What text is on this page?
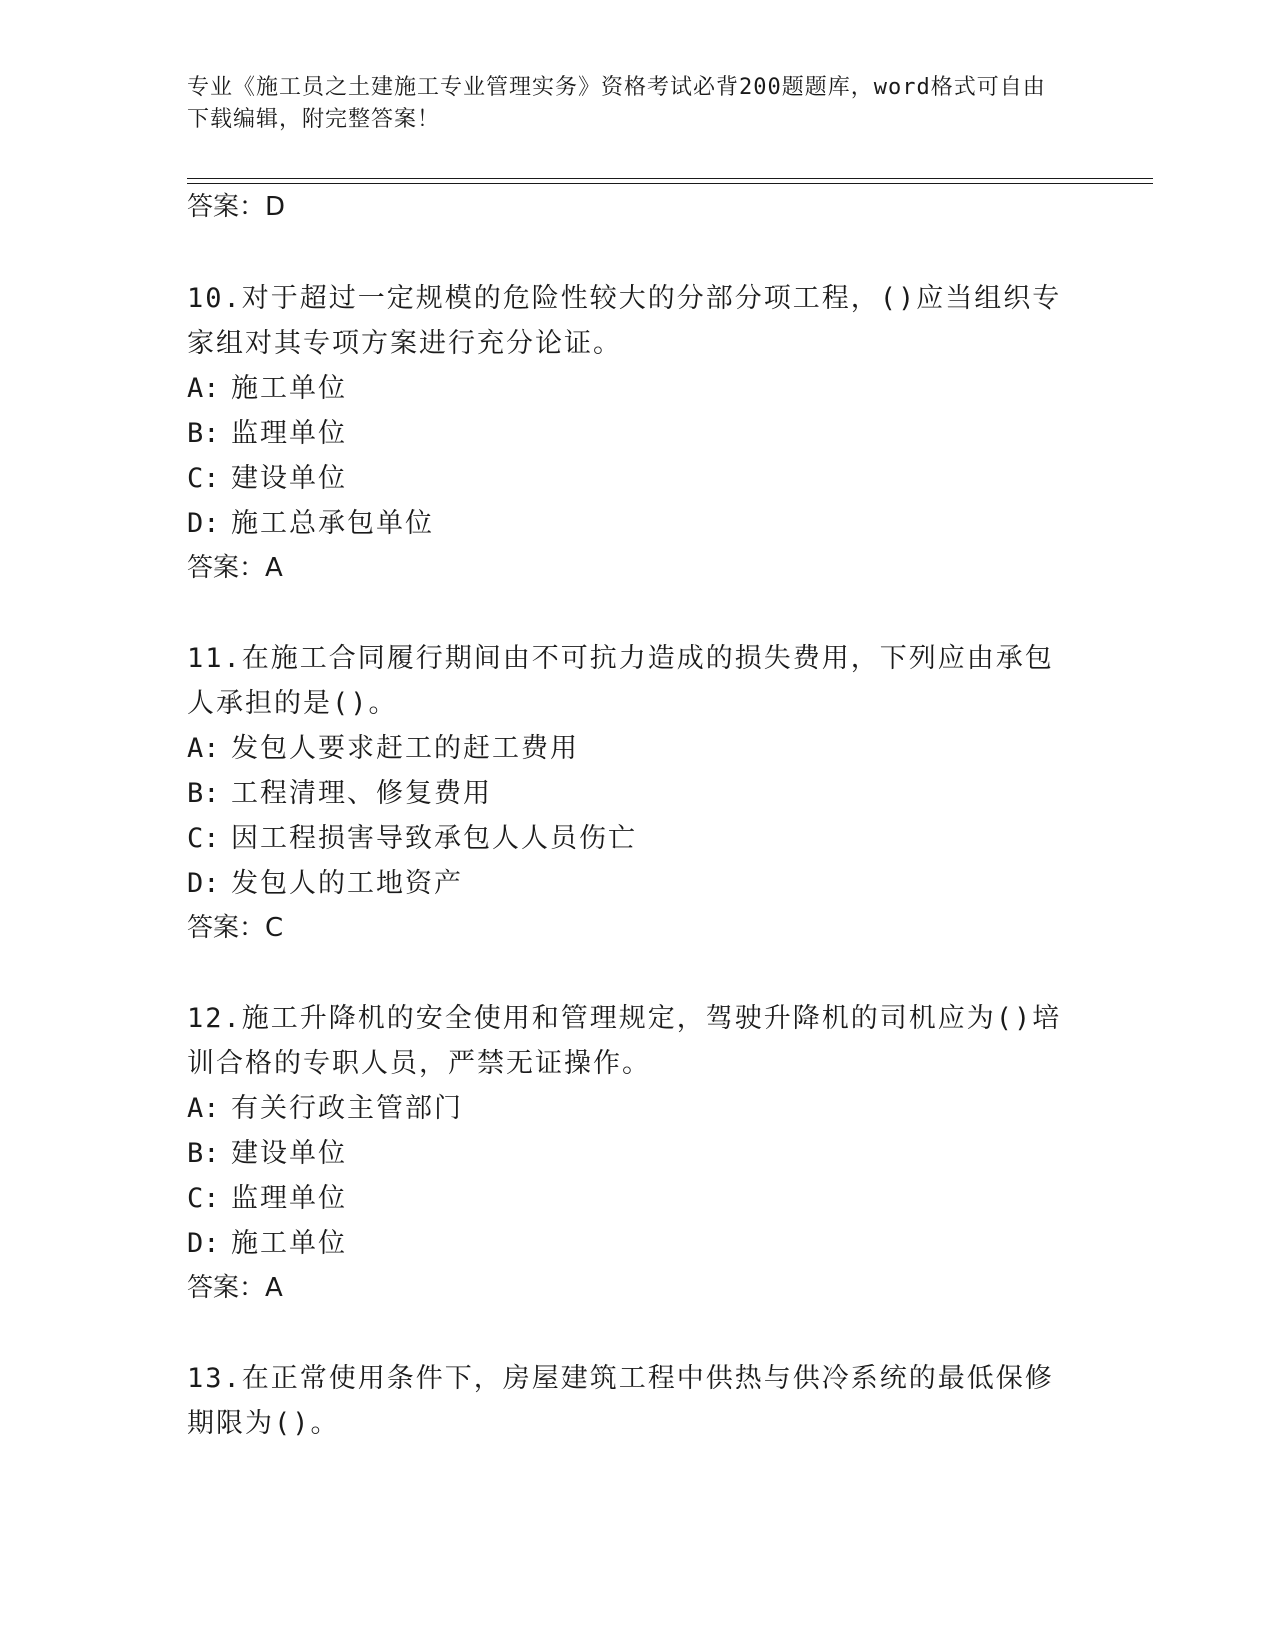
专业《施工员之土建施工专业管理实务》资格考试必背200题题库，word格式可自由下载编辑，附完整答案！
答案：D
10.对于超过一定规模的危险性较大的分部分项工程，()应当组织专家组对其专项方案进行充分论证。
A: 施工单位
B: 监理单位
C: 建设单位
D: 施工总承包单位
答案：A
11.在施工合同履行期间由不可抗力造成的损失费用，下列应由承包人承担的是()。
A: 发包人要求赶工的赶工费用
B: 工程清理、修复费用
C: 因工程损害导致承包人人员伤亡
D: 发包人的工地资产
答案：C
12.施工升降机的安全使用和管理规定，驾驶升降机的司机应为()培训合格的专职人员，严禁无证操作。
A: 有关行政主管部门
B: 建设单位
C: 监理单位
D: 施工单位
答案：A
13.在正常使用条件下，房屋建筑工程中供热与供冷系统的最低保修期限为()。
